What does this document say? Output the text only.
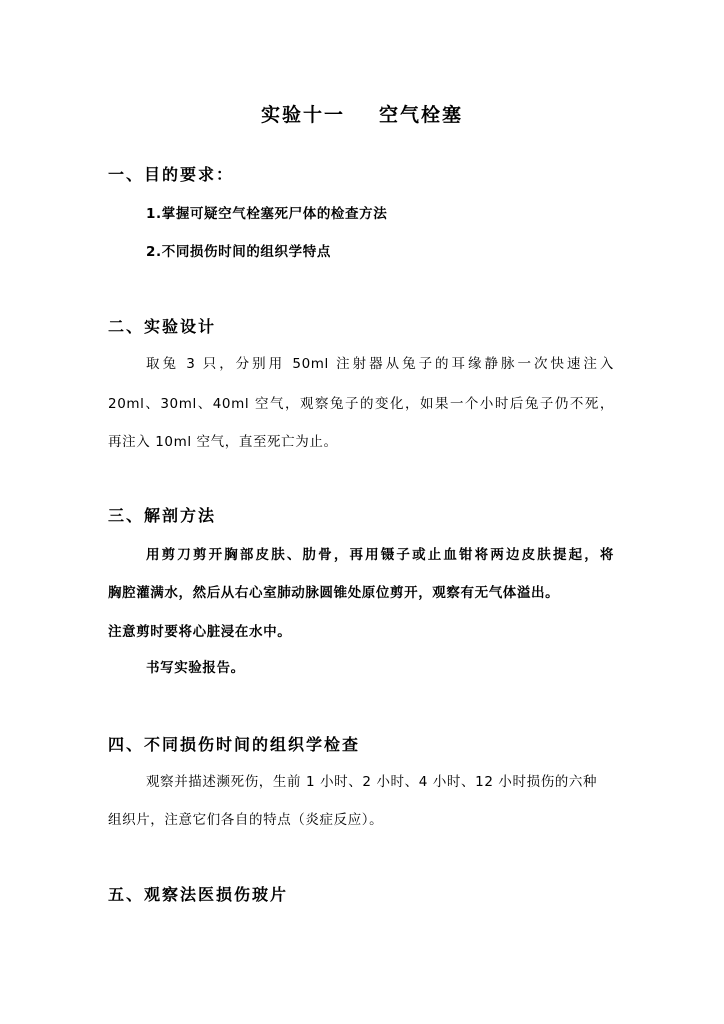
实验十一 空气栓塞
一、目的要求：
1.掌握可疑空气栓塞死尸体的检查方法
2.不同损伤时间的组织学特点
二、实验设计
取兔 3 只，分别用 50ml 注射器从兔子的耳缘静脉一次快速注入
20ml、30ml、40ml 空气，观察兔子的变化，如果一个小时后兔子仍不死，
再注入 10ml 空气，直至死亡为止。
三、解剖方法
用剪刀剪开胸部皮肤、肋骨，再用镊子或止血钳将两边皮肤提起，将
胸腔灌满水，然后从右心室肺动脉圆锥处原位剪开，观察有无气体溢出。
注意剪时要将心脏浸在水中。
书写实验报告。
四、不同损伤时间的组织学检查
观察并描述濒死伤，生前 1 小时、2 小时、4 小时、12 小时损伤的六种
组织片，注意它们各自的特点（炎症反应）。
五、观察法医损伤玻片
